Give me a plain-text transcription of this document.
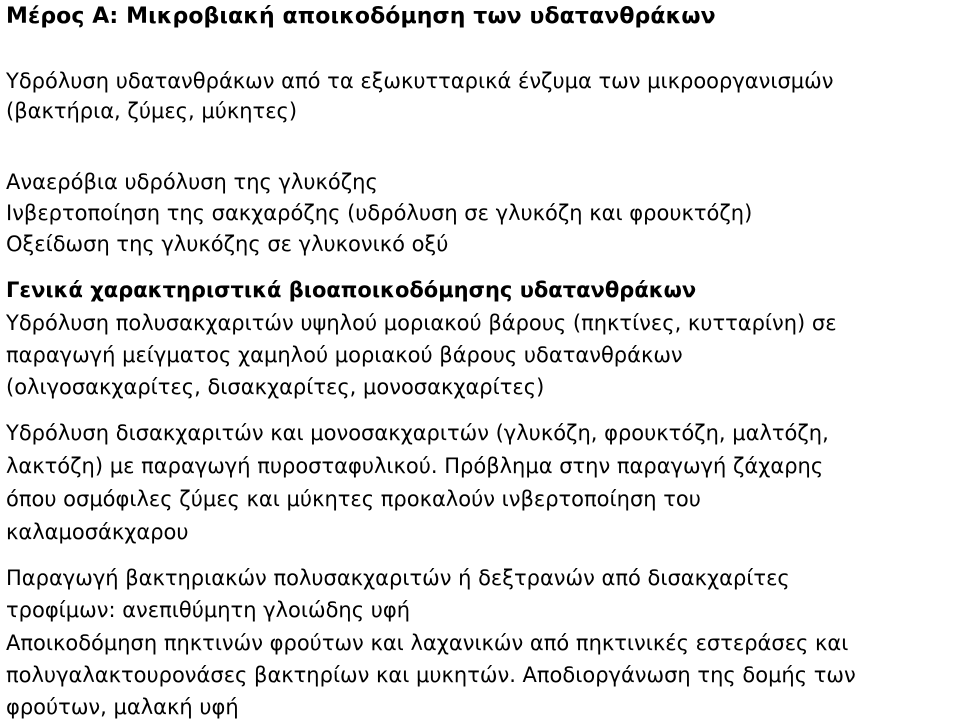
Μέρος Α: Μικροβιακή αποικοδόμηση των υδατανθράκων

Υδρόλυση υδατανθράκων από τα εξωκυτταρικά ένζυμα των μικροοργανισμών

(βακτήρια, ζύμες, μύκητες)

Αναερόβια υδρόλυση της γλυκόζης

Ινβερτοποίηση της σακχαρόζης (υδρόλυση σε γλυκόζη και φρουκτόζη)

Οξείδωση της γλυκόζης σε γλυκονικό οξύ

Γενικά χαρακτηριστικά βιοαποικοδόμησης υδατανθράκων

Υδρόλυση πολυσακχαριτών υψηλού μοριακού βάρους (πηκτίνες, κυτταρίνη) σε

παραγωγή μείγματος χαμηλού μοριακού βάρους υδατανθράκων

(ολιγοσακχαρίτες, δισακχαρίτες, μονοσακχαρίτες)

Υδρόλυση δισακχαριτών και μονοσακχαριτών (γλυκόζη, φρουκτόζη, μαλτόζη,

λακτόζη) με παραγωγή πυροσταφυλικού. Πρόβλημα στην παραγωγή ζάχαρης

όπου οσμόφιλες ζύμες και μύκητες προκαλούν ινβερτοποίηση του

καλαμοσάκχαρου

Παραγωγή βακτηριακών πολυσακχαριτών ή δεξτρανών από δισακχαρίτες

τροφίμων: ανεπιθύμητη γλοιώδης υφή

Αποικοδόμηση πηκτινών φρούτων και λαχανικών από πηκτινικές εστεράσες και

πολυγαλακτουρονάσες βακτηρίων και μυκητών. Αποδιοργάνωση της δομής των

φρούτων, μαλακή υφή
